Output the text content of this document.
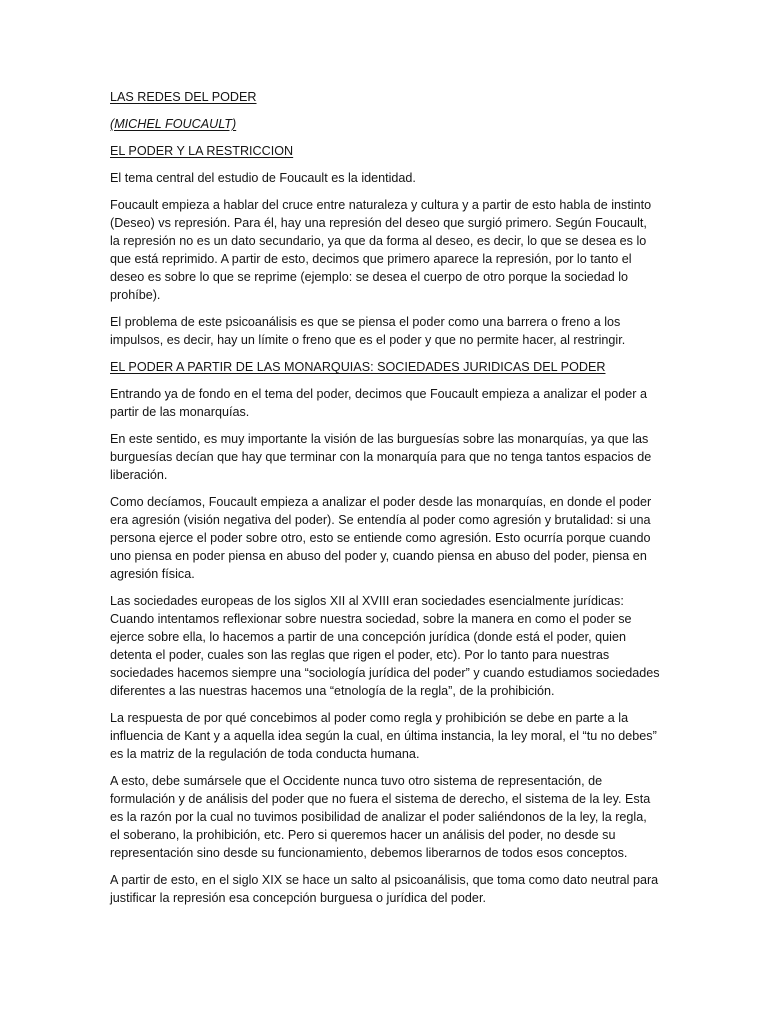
LAS REDES DEL PODER

(MICHEL FOUCAULT)

EL PODER Y LA RESTRICCION

El tema central del estudio de Foucault es la identidad.

Foucault empieza a hablar del cruce entre naturaleza y cultura y a partir de esto habla de instinto (Deseo) vs represión. Para él, hay una represión del deseo que surgió primero. Según Foucault, la represión no es un dato secundario, ya que da forma al deseo, es decir, lo que se desea es lo que está reprimido. A partir de esto, decimos que primero aparece la represión, por lo tanto el deseo es sobre lo que se reprime (ejemplo: se desea el cuerpo de otro porque la sociedad lo prohíbe).

El problema de este psicoanálisis es que se piensa el poder como una barrera o freno a los impulsos, es decir, hay un límite o freno que es el poder y que no permite hacer, al restringir.

EL PODER A PARTIR DE LAS MONARQUIAS: SOCIEDADES JURIDICAS DEL PODER

Entrando ya de fondo en el tema del poder, decimos que Foucault empieza a analizar el poder a partir de las monarquías.

En este sentido, es muy importante la visión de las burguesías sobre las monarquías, ya que las burguesías decían que hay que terminar con la monarquía para que no tenga tantos espacios de liberación.

Como decíamos, Foucault empieza a analizar el poder desde las monarquías, en donde el poder era agresión (visión negativa del poder). Se entendía al poder como agresión y brutalidad: si una persona ejerce el poder sobre otro, esto se entiende como agresión. Esto ocurría porque cuando uno piensa en poder piensa en abuso del poder y, cuando piensa en abuso del poder, piensa en agresión física.

Las sociedades europeas de los siglos XII al XVIII eran sociedades esencialmente jurídicas: Cuando intentamos reflexionar sobre nuestra sociedad, sobre la manera en como el poder se ejerce sobre ella, lo hacemos a partir de una concepción jurídica (donde está el poder, quien detenta el poder, cuales son las reglas que rigen el poder, etc). Por lo tanto para nuestras sociedades hacemos siempre una “sociología jurídica del poder” y cuando estudiamos sociedades diferentes a las nuestras hacemos una “etnología de la regla”, de la prohibición.

La respuesta de por qué concebimos al poder como regla y prohibición se debe en parte a la influencia de Kant y a aquella idea según la cual, en última instancia, la ley moral, el “tu no debes” es la matriz de la regulación de toda conducta humana.

A esto, debe sumársele que el Occidente nunca tuvo otro sistema de representación, de formulación y de análisis del poder que no fuera el sistema de derecho, el sistema de la ley. Esta es la razón por la cual no tuvimos posibilidad de analizar el poder saliéndonos de la ley, la regla, el soberano, la prohibición, etc. Pero si queremos hacer un análisis del poder, no desde su representación sino desde su funcionamiento, debemos liberarnos de todos esos conceptos.

A partir de esto, en el siglo XIX se hace un salto al psicoanálisis, que toma como dato neutral para justificar la represión esa concepción burguesa o jurídica del poder.
